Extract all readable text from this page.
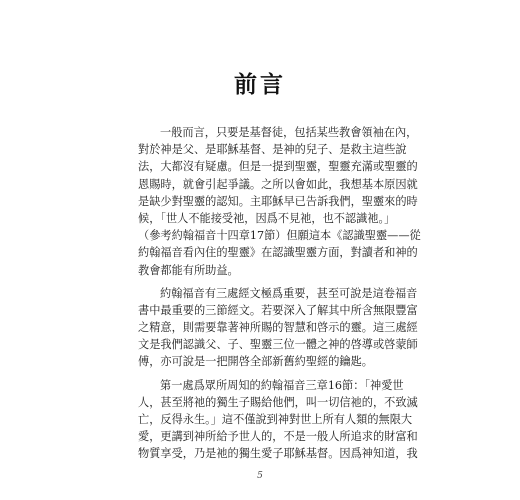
前言

一般而言，只要是基督徒，包括某些教會領袖在內，
對於神是父、是耶穌基督、是神的兒子、是救主這些說
法，大都沒有疑慮。但是一提到聖靈，聖靈充滿或聖靈的
恩賜時，就會引起爭議。之所以會如此，我想基本原因就
是缺少對聖靈的認知。主耶穌早已告訴我們，聖靈來的時
候，「世人不能接受祂，因爲不見祂，也不認識祂。」
（參考約翰福音十四章17節）但願這本《認識聖靈——從
約翰福音看內住的聖靈》在認識聖靈方面，對讀者和神的
教會都能有所助益。

約翰福音有三處經文極爲重要，甚至可說是這卷福音
書中最重要的三節經文。若要深入了解其中所含無限豐富
之精意，則需要靠著神所賜的智慧和啓示的靈。這三處經
文是我們認識父、子、聖靈三位一體之神的啓導或啓蒙師
傅，亦可說是一把開啓全部新舊約聖經的鑰匙。

第一處爲眾所周知的約翰福音三章16節：「神愛世
人，甚至將祂的獨生子賜給他們，叫一切信祂的，不致滅
亡，反得永生。」這不僅說到神對世上所有人類的無限大
愛，更講到神所給予世人的，不是一般人所追求的財富和
物質享受，乃是祂的獨生愛子耶穌基督。因爲神知道，我

5
